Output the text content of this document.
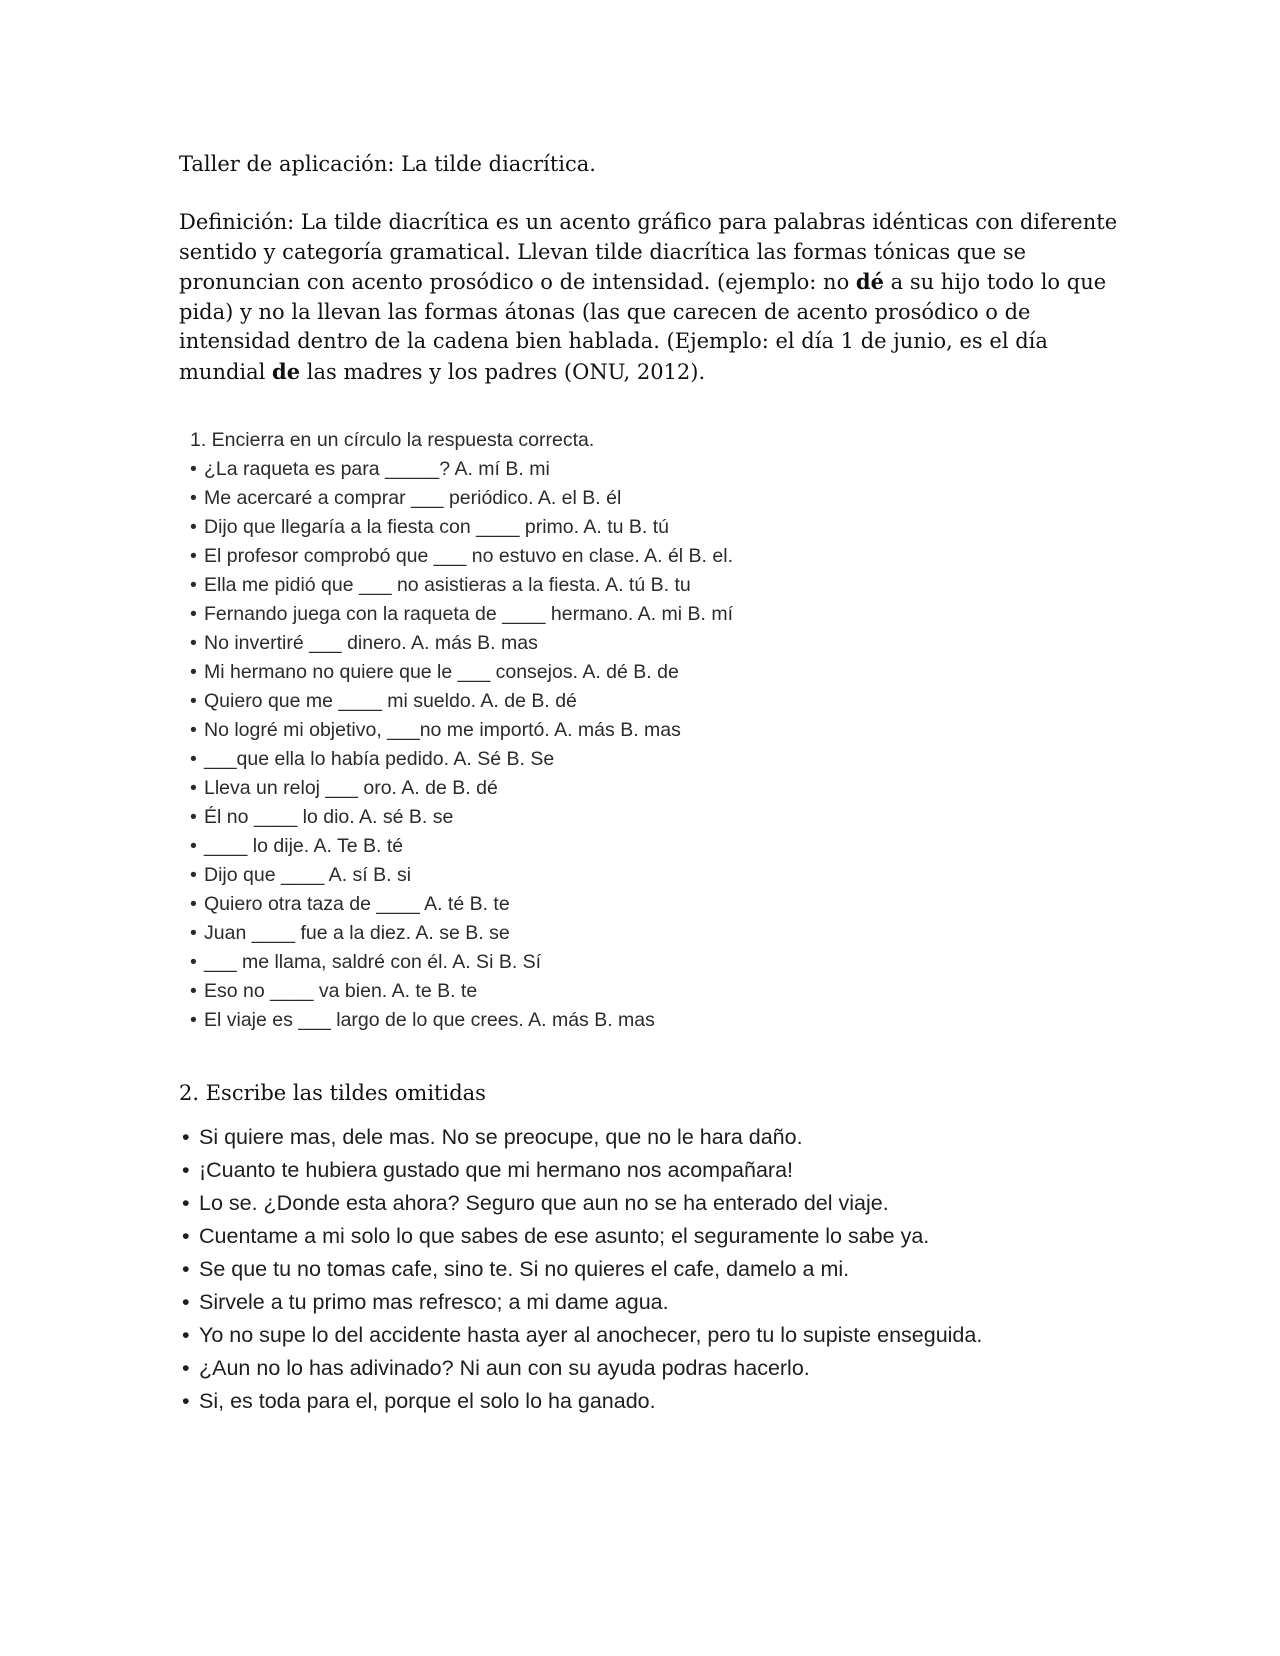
Taller de aplicación: La tilde diacrítica.

Definición: La tilde diacrítica es un acento gráfico para palabras idénticas con diferente sentido y categoría gramatical. Llevan tilde diacrítica las formas tónicas que se pronuncian con acento prosódico o de intensidad. (ejemplo: no dé a su hijo todo lo que pida) y no la llevan las formas átonas (las que carecen de acento prosódico o de intensidad dentro de la cadena bien hablada. (Ejemplo: el día 1 de junio, es el día mundial de las madres y los padres (ONU, 2012).

1. Encierra en un círculo la respuesta correcta.
• ¿La raqueta es para _____? A. mí B. mi
• Me acercaré a comprar ___ periódico. A. el B. él
• Dijo que llegaría a la fiesta con ____ primo. A. tu B. tú
• El profesor comprobó que ___ no estuvo en clase. A. él B. el.
• Ella me pidió que ___ no asistieras a la fiesta. A. tú B. tu
• Fernando juega con la raqueta de ____ hermano. A. mi B. mí
• No invertiré ___ dinero. A. más B. mas
• Mi hermano no quiere que le ___ consejos. A. dé B. de
• Quiero que me ____ mi sueldo. A. de B. dé
• No logré mi objetivo, ___no me importó. A. más B. mas
• ___que ella lo había pedido. A. Sé B. Se
• Lleva un reloj ___ oro. A. de B. dé
• Él no ____ lo dio. A. sé B. se
• ____ lo dije. A. Te B. té
• Dijo que ____ A. sí B. si
• Quiero otra taza de ____ A. té B. te
• Juan ____ fue a la diez. A. se B. se
• ___ me llama, saldré con él. A. Si B. Sí
• Eso no ____ va bien. A. te B. te
• El viaje es ___ largo de lo que crees. A. más B. mas
2. Escribe las tildes omitidas
• Si quiere mas, dele mas. No se preocupe, que no le hara daño.
• ¡Cuanto te hubiera gustado que mi hermano nos acompañara!
• Lo se. ¿Donde esta ahora? Seguro que aun no se ha enterado del viaje.
• Cuentame a mi solo lo que sabes de ese asunto; el seguramente lo sabe ya.
• Se que tu no tomas cafe, sino te. Si no quieres el cafe, damelo a mi.
• Sirvele a tu primo mas refresco; a mi dame agua.
• Yo no supe lo del accidente hasta ayer al anochecer, pero tu lo supiste enseguida.
• ¿Aun no lo has adivinado? Ni aun con su ayuda podras hacerlo.
• Si, es toda para el, porque el solo lo ha ganado.
